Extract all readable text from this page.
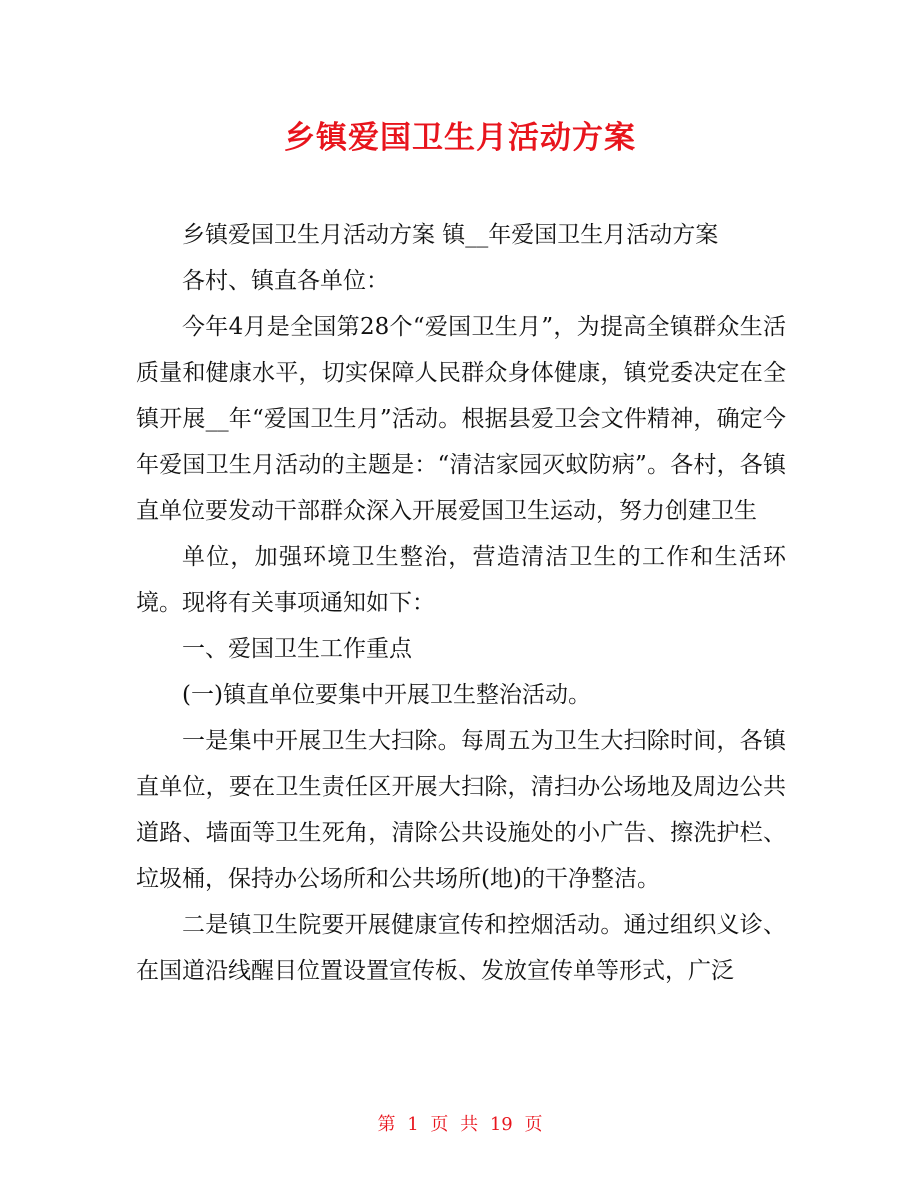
乡镇爱国卫生月活动方案

乡镇爱国卫生月活动方案 镇__年爱国卫生月活动方案

各村、镇直各单位：

今年4月是全国第28个“爱国卫生月”，为提高全镇群众生活质量和健康水平，切实保障人民群众身体健康，镇党委决定在全镇开展__年“爱国卫生月”活动。根据县爱卫会文件精神，确定今年爱国卫生月活动的主题是：“清洁家园灭蚊防病”。各村，各镇直单位要发动干部群众深入开展爱国卫生运动，努力创建卫生

单位，加强环境卫生整治，营造清洁卫生的工作和生活环境。现将有关事项通知如下：

一、爱国卫生工作重点

(一)镇直单位要集中开展卫生整治活动。

一是集中开展卫生大扫除。每周五为卫生大扫除时间，各镇直单位，要在卫生责任区开展大扫除，清扫办公场地及周边公共道路、墙面等卫生死角，清除公共设施处的小广告、擦洗护栏、垃圾桶，保持办公场所和公共场所(地)的干净整洁。

二是镇卫生院要开展健康宣传和控烟活动。通过组织义诊、在国道沿线醒目位置设置宣传板、发放宣传单等形式，广泛

第 1 页 共 19 页
